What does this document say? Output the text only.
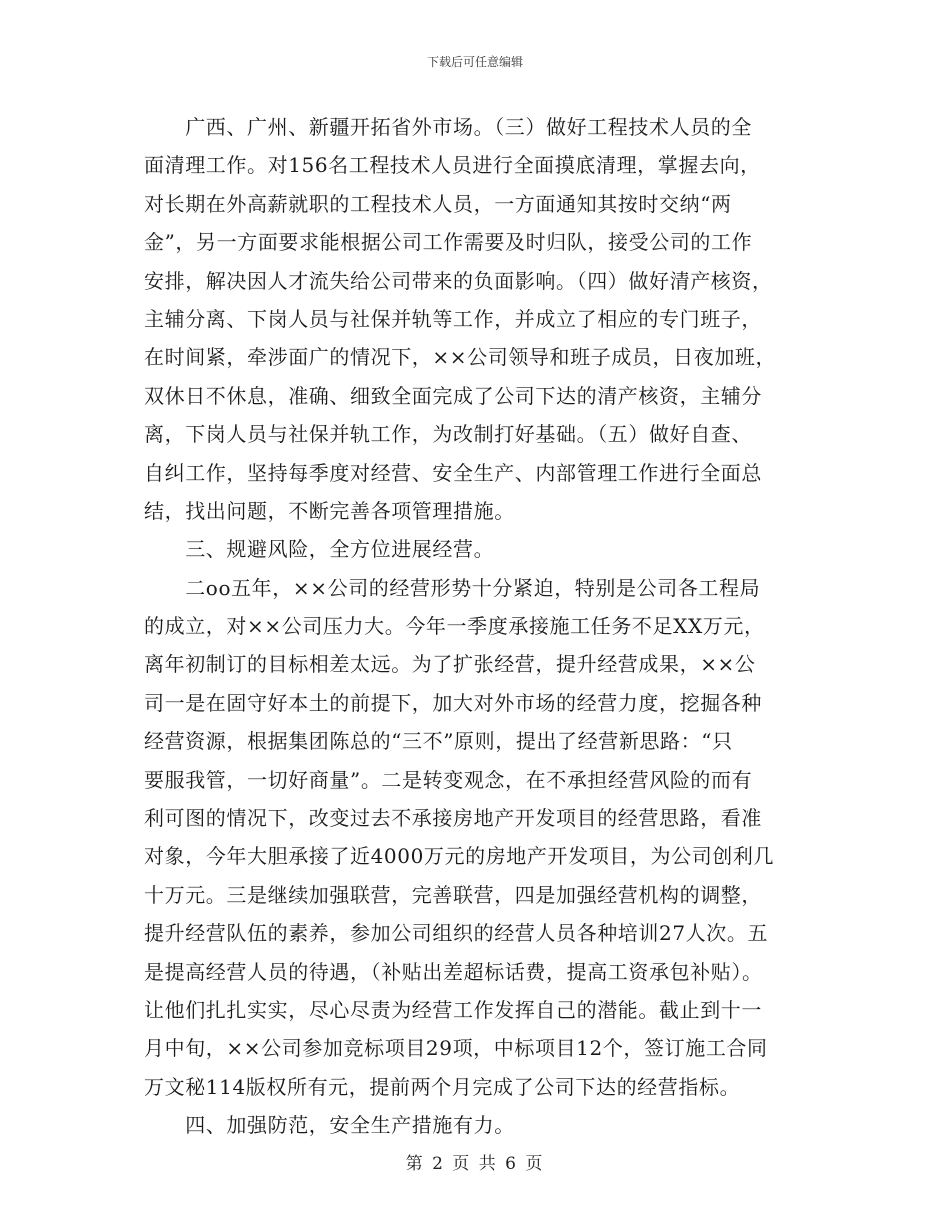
下载后可任意编辑
　　广西、广州、新疆开拓省外市场。（三）做好工程技术人员的全
面清理工作。对156名工程技术人员进行全面摸底清理，掌握去向，
对长期在外高薪就职的工程技术人员，一方面通知其按时交纳“两
金”，另一方面要求能根据公司工作需要及时归队，接受公司的工作
安排，解决因人才流失给公司带来的负面影响。（四）做好清产核资，
主辅分离、下岗人员与社保并轨等工作，并成立了相应的专门班子，
在时间紧，牵涉面广的情况下，××公司领导和班子成员，日夜加班，
双休日不休息，准确、细致全面完成了公司下达的清产核资，主辅分
离，下岗人员与社保并轨工作，为改制打好基础。（五）做好自查、
自纠工作，坚持每季度对经营、安全生产、内部管理工作进行全面总
结，找出问题，不断完善各项管理措施。
　　三、规避风险，全方位进展经营。
　　二oo五年，××公司的经营形势十分紧迫，特别是公司各工程局
的成立，对××公司压力大。今年一季度承接施工任务不足XX万元，
离年初制订的目标相差太远。为了扩张经营，提升经营成果，××公
司一是在固守好本土的前提下，加大对外市场的经营力度，挖掘各种
经营资源，根据集团陈总的“三不”原则，提出了经营新思路：“只
要服我管，一切好商量”。二是转变观念，在不承担经营风险的而有
利可图的情况下，改变过去不承接房地产开发项目的经营思路，看准
对象，今年大胆承接了近4000万元的房地产开发项目，为公司创利几
十万元。三是继续加强联营，完善联营，四是加强经营机构的调整，
提升经营队伍的素养，参加公司组织的经营人员各种培训27人次。五
是提高经营人员的待遇，（补贴出差超标话费，提高工资承包补贴）。
让他们扎扎实实，尽心尽责为经营工作发挥自己的潜能。截止到十一
月中旬，××公司参加竞标项目29项，中标项目12个，签订施工合同
万文秘114版权所有元，提前两个月完成了公司下达的经营指标。
　　四、加强防范，安全生产措施有力。
第 2 页 共 6 页
